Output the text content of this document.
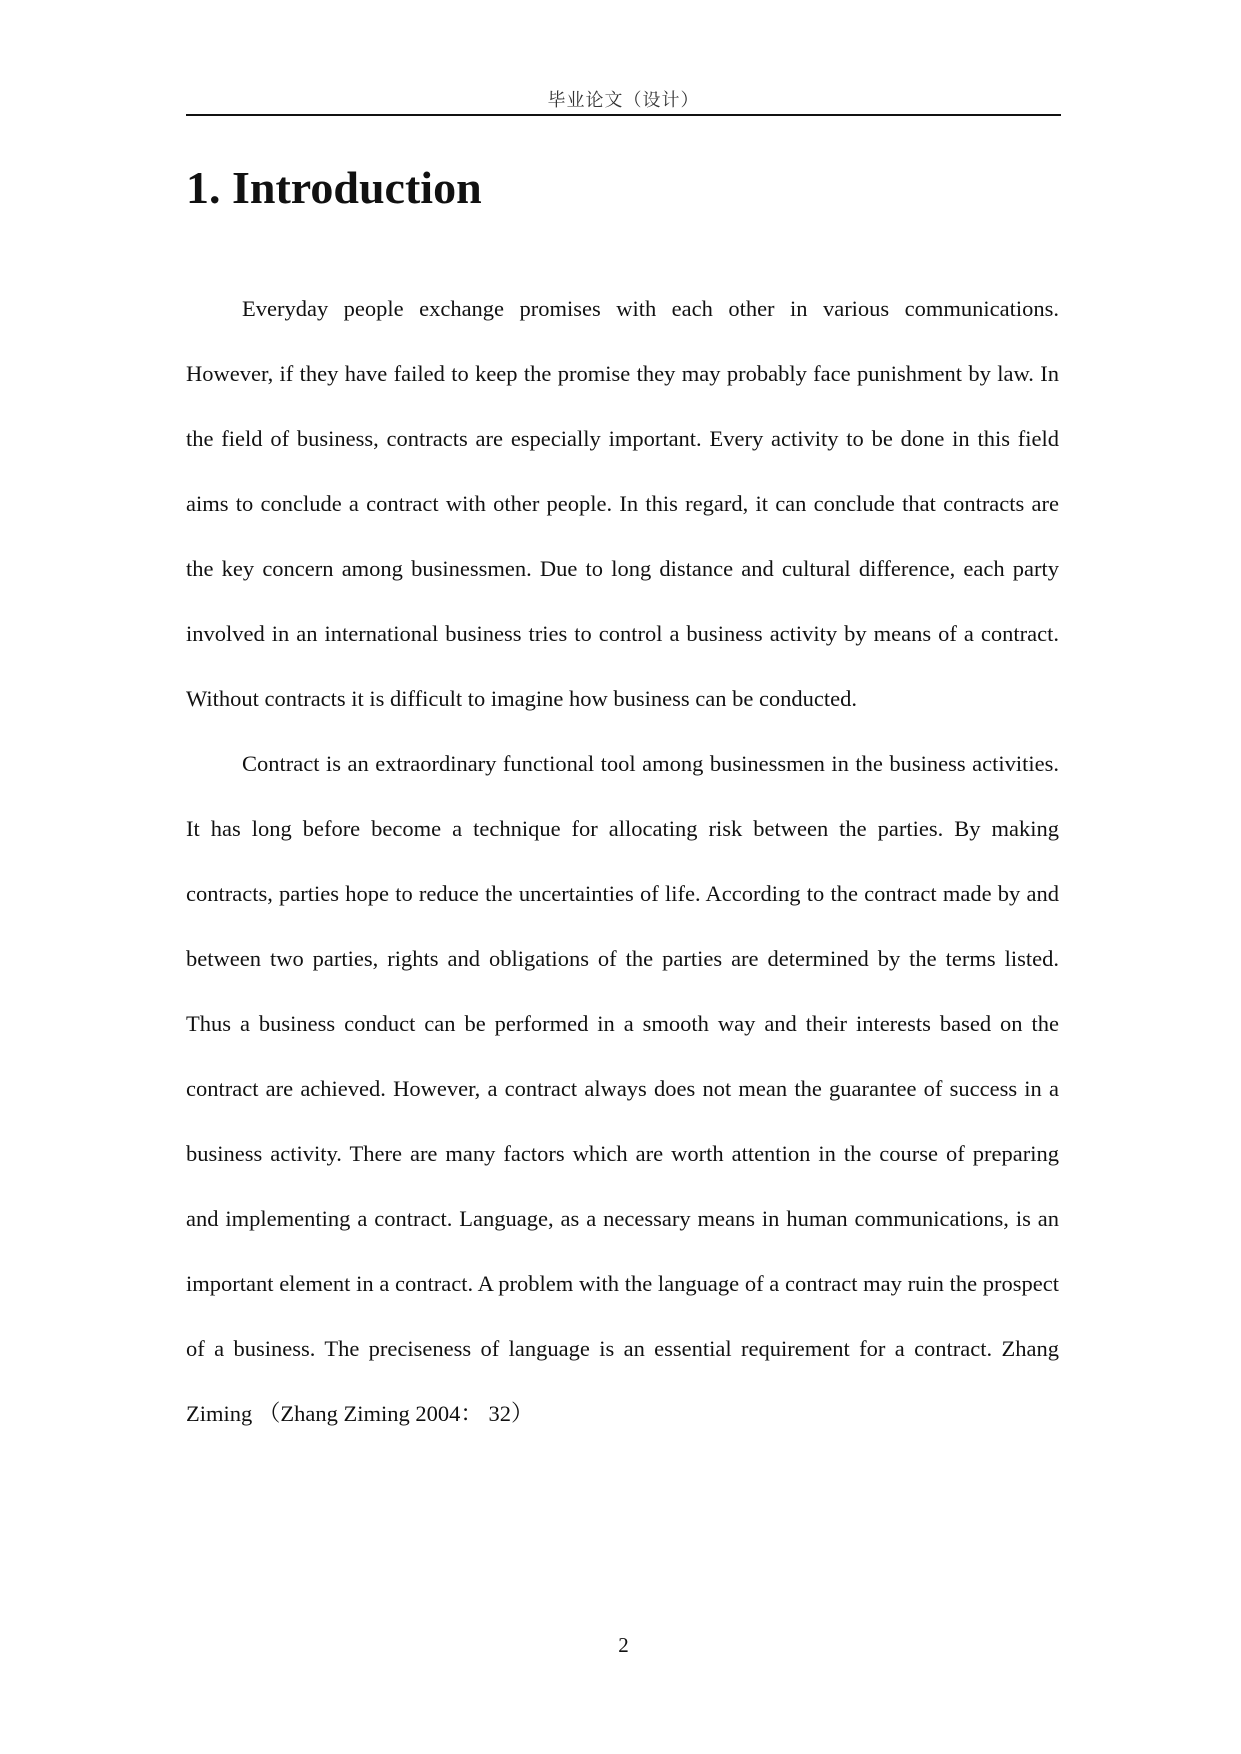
毕业论文（设计）
1. Introduction

Everyday people exchange promises with each other in various communications. However, if they have failed to keep the promise they may probably face punishment by law. In the field of business, contracts are especially important. Every activity to be done in this field aims to conclude a contract with other people. In this regard, it can conclude that contracts are the key concern among businessmen. Due to long distance and cultural difference, each party involved in an international business tries to control a business activity by means of a contract. Without contracts it is difficult to imagine how business can be conducted.

Contract is an extraordinary functional tool among businessmen in the business activities. It has long before become a technique for allocating risk between the parties. By making contracts, parties hope to reduce the uncertainties of life. According to the contract made by and between two parties, rights and obligations of the parties are determined by the terms listed. Thus a business conduct can be performed in a smooth way and their interests based on the contract are achieved. However, a contract always does not mean the guarantee of success in a business activity. There are many factors which are worth attention in the course of preparing and implementing a contract. Language, as a necessary means in human communications, is an important element in a contract. A problem with the language of a contract may ruin the prospect of a business. The preciseness of language is an essential requirement for a contract. Zhang Ziming （Zhang Ziming 2004： 32）

2
